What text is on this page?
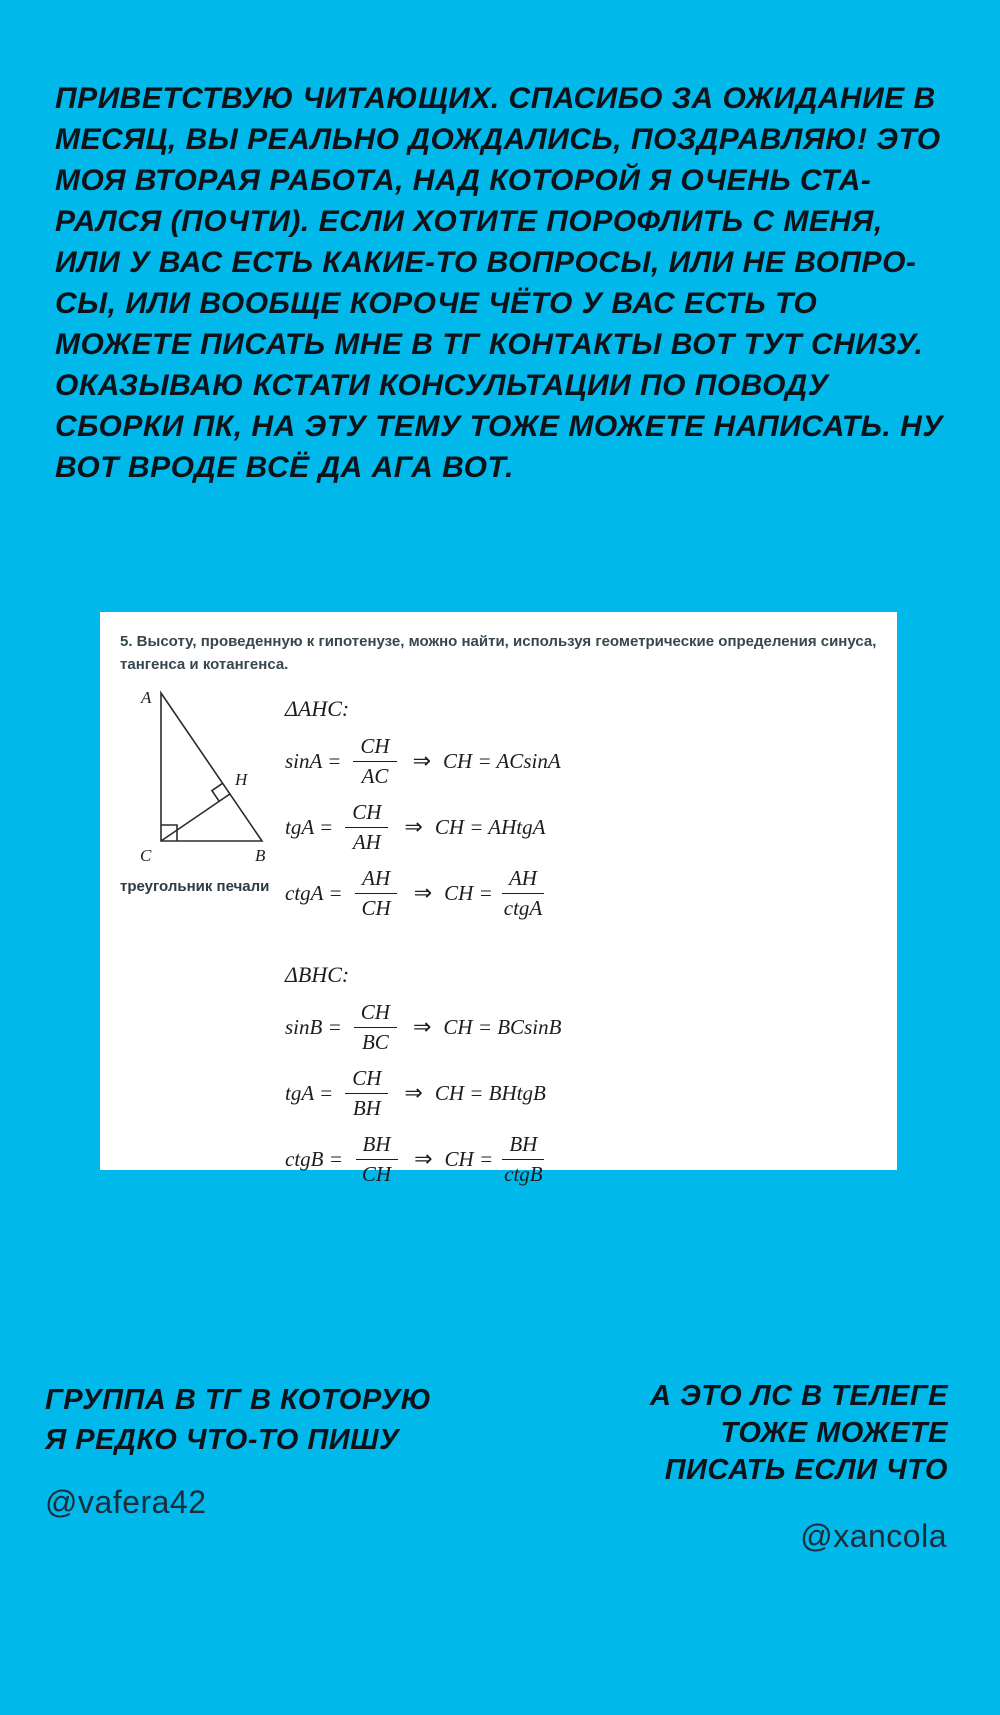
ПРИВЕТСТВУЮ ЧИТАЮЩИХ. СПАСИБО ЗА ОЖИДАНИЕ В
МЕСЯЦ, ВЫ РЕАЛЬНО ДОЖДАЛИСЬ, ПОЗДРАВЛЯЮ! ЭТО
МОЯ ВТОРАЯ РАБОТА, НАД КОТОРОЙ Я ОЧЕНЬ СТА-
РАЛСЯ (ПОЧТИ). ЕСЛИ ХОТИТЕ ПОРОФЛИТЬ С МЕНЯ,
ИЛИ У ВАС ЕСТЬ КАКИЕ-ТО ВОПРОСЫ, ИЛИ НЕ ВОПРО-
СЫ, ИЛИ ВООБЩЕ КОРОЧЕ ЧЁТО У ВАС ЕСТЬ ТО
МОЖЕТЕ ПИСАТЬ МНЕ В ТГ КОНТАКТЫ ВОТ ТУТ СНИЗУ.
ОКАЗЫВАЮ КСТАТИ КОНСУЛЬТАЦИИ ПО ПОВОДУ
СБОРКИ ПК, НА ЭТУ ТЕМУ ТОЖЕ МОЖЕТЕ НАПИСАТЬ. НУ
ВОТ ВРОДЕ ВСЁ ДА АГА ВОТ.
5. Высоту, проведенную к гипотенузе, можно найти, используя геометрические определения синуса,
тангенса и котангенса.
A
C	B
H
треугольник печали
ΔAHC:
$\sin A = \frac{CH}{AC}$ ⇒ CH = ACsinA
tgA = $\frac{CH}{AH}$ ⇒ CH = AHtgA
ctgA = $\frac{AH}{CH}$ ⇒ CH = $\frac{AH}{\text{ctgA}}$
ΔBHC:
$\sin B = \frac{CH}{BC}$ ⇒ CH = BCsinB
tgA = $\frac{CH}{BH}$ ⇒ CH = BHtgB
ctgB = $\frac{BH}{CH}$ ⇒ CH = $\frac{BH}{\text{ctgB}}$
ГРУППА В ТГ В КОТОРУЮ
Я РЕДКО ЧТО-ТО ПИШУ
@vafera42
А ЭТО ЛС В ТЕЛЕГЕ
ТОЖЕ МОЖЕТЕ
ПИСАТЬ ЕСЛИ ЧТО
@xancola
